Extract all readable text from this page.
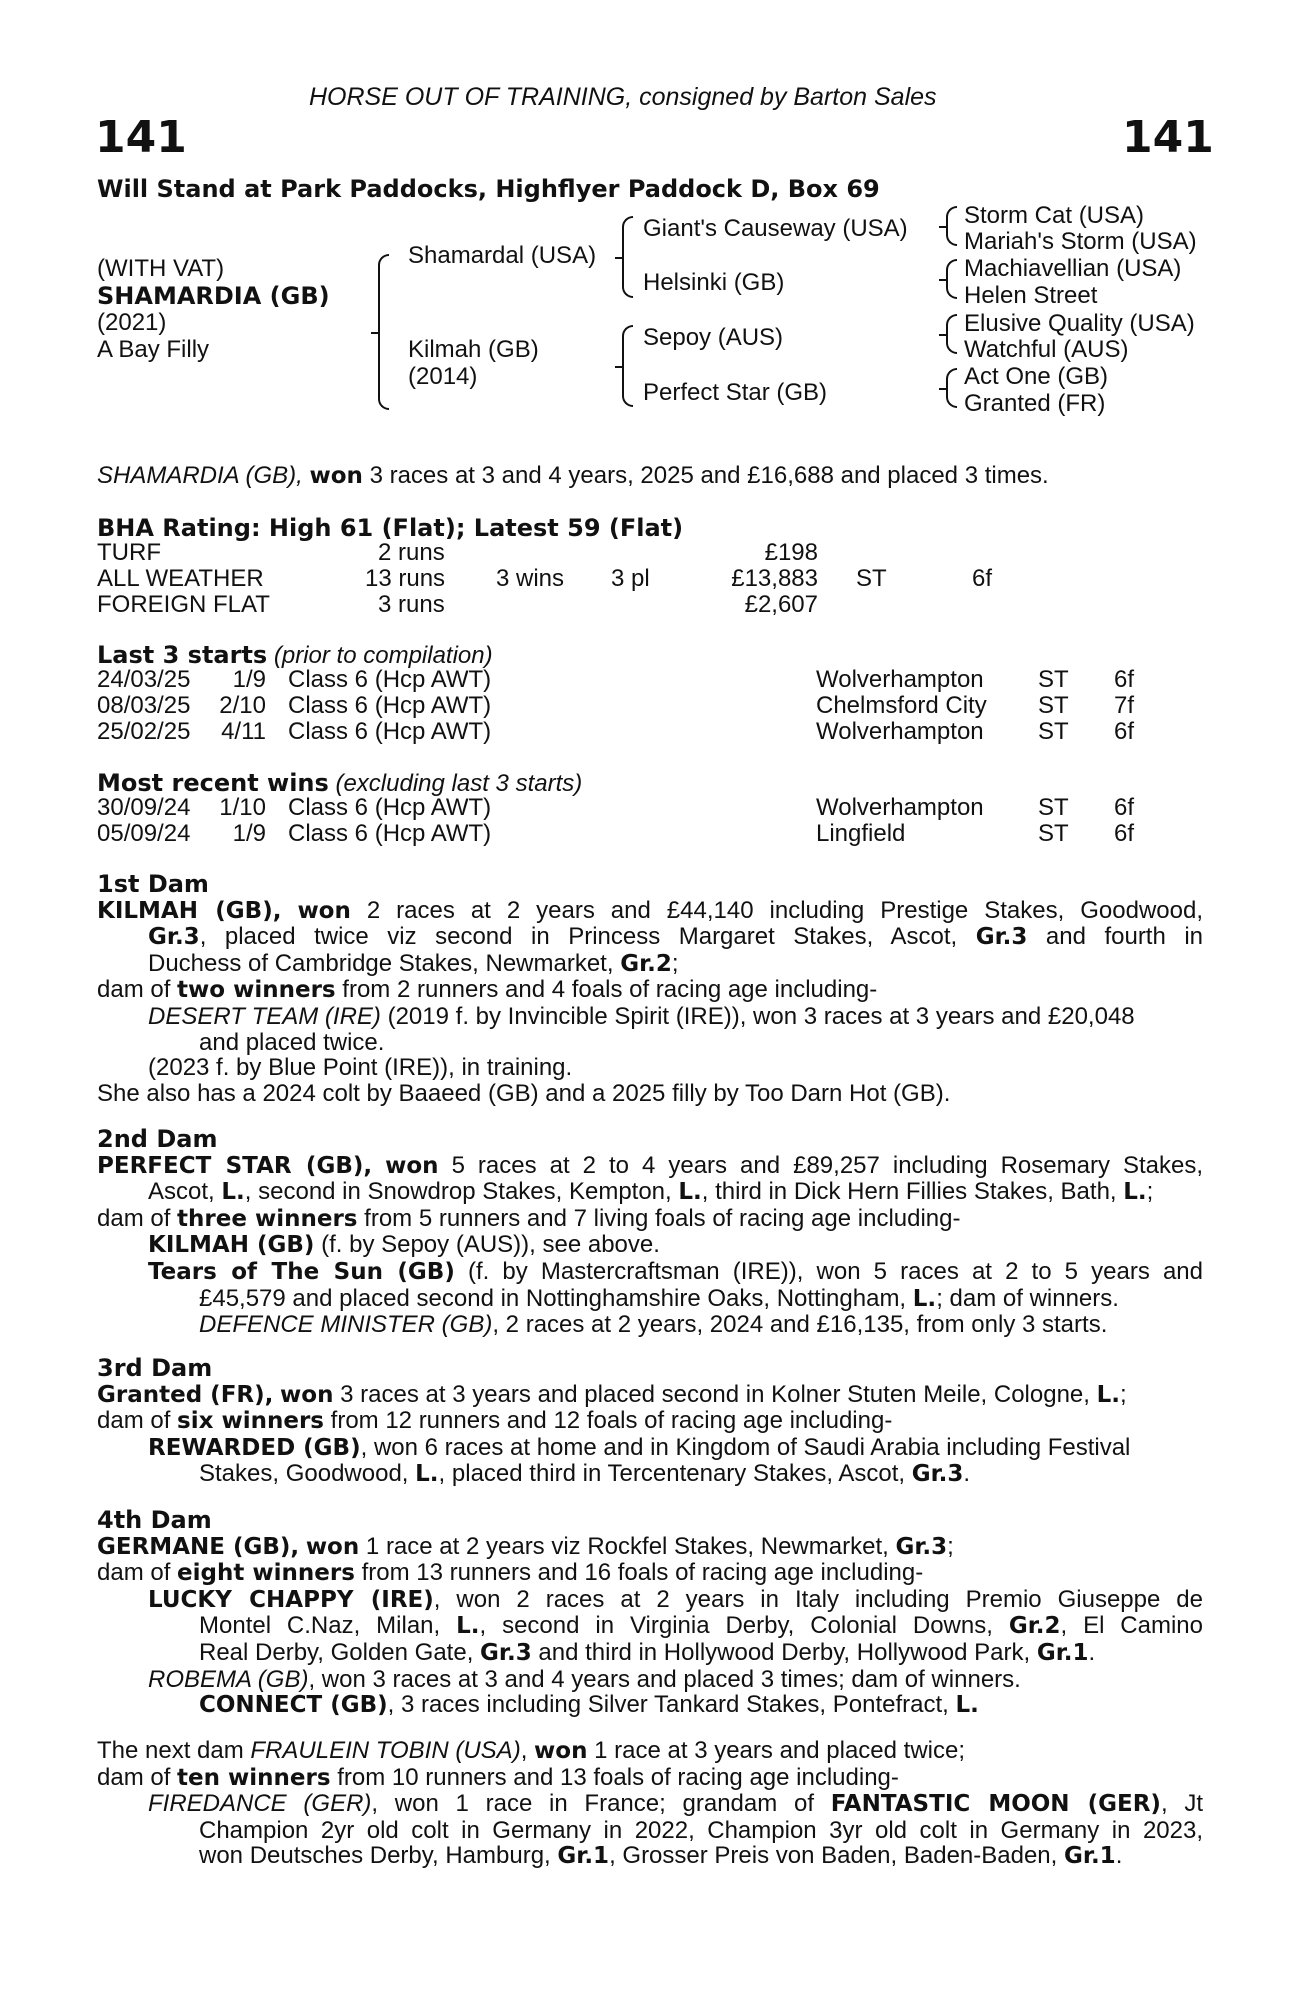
HORSE OUT OF TRAINING, consigned by Barton Sales
141	141
Will Stand at Park Paddocks, Highflyer Paddock D, Box 69
(WITH VAT)
SHAMARDIA (GB)
(2021)
A Bay Filly
Shamardal (USA)
Kilmah (GB)
(2014)
Giant's Causeway (USA)
Helsinki (GB)
Sepoy (AUS)
Perfect Star (GB)
Storm Cat (USA)
Mariah's Storm (USA)
Machiavellian (USA)
Helen Street
Elusive Quality (USA)
Watchful (AUS)
Act One (GB)
Granted (FR)
SHAMARDIA (GB), won 3 races at 3 and 4 years, 2025 and £16,688 and placed 3 times.
BHA Rating: High 61 (Flat); Latest 59 (Flat)
TURF	2 runs	£198
ALL WEATHER	13 runs 3 wins 3 pl	£13,883 ST	6f
FOREIGN FLAT	3 runs	£2,607
Last 3 starts (prior to compilation)
24/03/25	1/9 Class 6 (Hcp AWT)	Wolverhampton ST 6f
08/03/25	2/10 Class 6 (Hcp AWT)	Chelmsford City ST 7f
25/02/25	4/11 Class 6 (Hcp AWT)	Wolverhampton ST 6f
Most recent wins (excluding last 3 starts)
30/09/24	1/10 Class 6 (Hcp AWT)	Wolverhampton ST 6f
05/09/24	1/9 Class 6 (Hcp AWT)	Lingfield	ST 6f
1st Dam
KILMAH (GB), won 2 races at 2 years and £44,140 including Prestige Stakes, Goodwood,
Gr.3, placed twice viz second in Princess Margaret Stakes, Ascot, Gr.3 and fourth in
Duchess of Cambridge Stakes, Newmarket, Gr.2;
dam of two winners from 2 runners and 4 foals of racing age including-
DESERT TEAM (IRE) (2019 f. by Invincible Spirit (IRE)), won 3 races at 3 years and £20,048
and placed twice.
(2023 f. by Blue Point (IRE)), in training.
She also has a 2024 colt by Baaeed (GB) and a 2025 filly by Too Darn Hot (GB).
2nd Dam
PERFECT STAR (GB), won 5 races at 2 to 4 years and £89,257 including Rosemary Stakes,
Ascot, L., second in Snowdrop Stakes, Kempton, L., third in Dick Hern Fillies Stakes, Bath, L.;
dam of three winners from 5 runners and 7 living foals of racing age including-
KILMAH (GB) (f. by Sepoy (AUS)), see above.
Tears of The Sun (GB) (f. by Mastercraftsman (IRE)), won 5 races at 2 to 5 years and
£45,579 and placed second in Nottinghamshire Oaks, Nottingham, L.; dam of winners.
DEFENCE MINISTER (GB), 2 races at 2 years, 2024 and £16,135, from only 3 starts.
3rd Dam
Granted (FR), won 3 races at 3 years and placed second in Kolner Stuten Meile, Cologne, L.;
dam of six winners from 12 runners and 12 foals of racing age including-
REWARDED (GB), won 6 races at home and in Kingdom of Saudi Arabia including Festival
Stakes, Goodwood, L., placed third in Tercentenary Stakes, Ascot, Gr.3.
4th Dam
GERMANE (GB), won 1 race at 2 years viz Rockfel Stakes, Newmarket, Gr.3;
dam of eight winners from 13 runners and 16 foals of racing age including-
LUCKY CHAPPY (IRE), won 2 races at 2 years in Italy including Premio Giuseppe de
Montel C.Naz, Milan, L., second in Virginia Derby, Colonial Downs, Gr.2, El Camino
Real Derby, Golden Gate, Gr.3 and third in Hollywood Derby, Hollywood Park, Gr.1.
ROBEMA (GB), won 3 races at 3 and 4 years and placed 3 times; dam of winners.
CONNECT (GB), 3 races including Silver Tankard Stakes, Pontefract, L.
The next dam FRAULEIN TOBIN (USA), won 1 race at 3 years and placed twice;
dam of ten winners from 10 runners and 13 foals of racing age including-
FIREDANCE (GER), won 1 race in France; grandam of FANTASTIC MOON (GER), Jt
Champion 2yr old colt in Germany in 2022, Champion 3yr old colt in Germany in 2023,
won Deutsches Derby, Hamburg, Gr.1, Grosser Preis von Baden, Baden-Baden, Gr.1.
